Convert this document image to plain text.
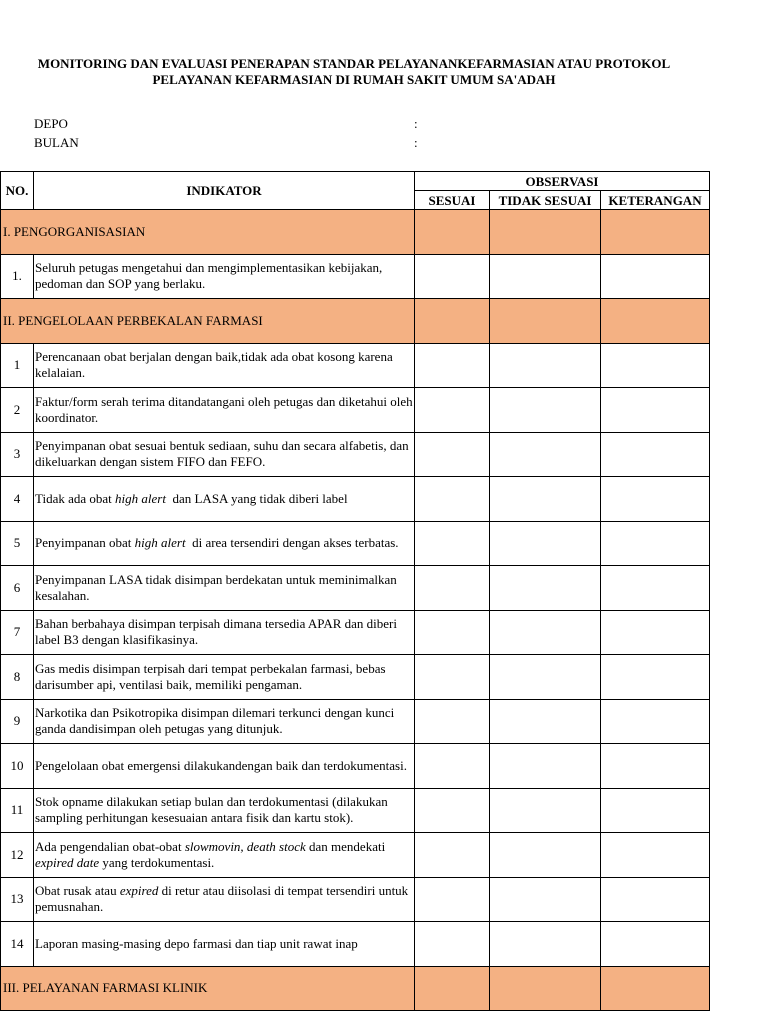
MONITORING DAN EVALUASI PENERAPAN STANDAR PELAYANANKEFARMASIAN ATAU PROTOKOL
PELAYANAN KEFARMASIAN DI RUMAH SAKIT UMUM SA'ADAH
DEPO	:
BULAN	:
NO.	INDIKATOR	OBSERVASI		
		SESUAI	TIDAK SESUAI	KETERANGAN
I. PENGORGANISASIAN				
1.	Seluruh petugas mengetahui dan mengimplementasikan kebijakan, pedoman dan SOP yang berlaku.			
II. PENGELOLAAN PERBEKALAN FARMASI				
1	Perencanaan obat berjalan dengan baik,tidak ada obat kosong karena kelalaian.			
2	Faktur/form serah terima ditandatangani oleh petugas dan diketahui oleh koordinator.			
3	Penyimpanan obat sesuai bentuk sediaan, suhu dan secara alfabetis, dan dikeluarkan dengan sistem FIFO dan FEFO.			
4	Tidak ada obat high alert  dan LASA yang tidak diberi label			
5	Penyimpanan obat high alert  di area tersendiri dengan akses terbatas.			
6	Penyimpanan LASA tidak disimpan berdekatan untuk meminimalkan kesalahan.			
7	Bahan berbahaya disimpan terpisah dimana tersedia APAR dan diberi label B3 dengan klasifikasinya.			
8	Gas medis disimpan terpisah dari tempat perbekalan farmasi, bebas darisumber api, ventilasi baik, memiliki pengaman.			
9	Narkotika dan Psikotropika disimpan dilemari terkunci dengan kunci ganda dandisimpan oleh petugas yang ditunjuk.			
10	Pengelolaan obat emergensi dilakukandengan baik dan terdokumentasi.			
11	Stok opname dilakukan setiap bulan dan terdokumentasi (dilakukan sampling perhitungan kesesuaian antara fisik dan kartu stok).			
12	Ada pengendalian obat-obat slowmovin, death stock dan mendekati expired date yang terdokumentasi.			
13	Obat rusak atau expired di retur atau diisolasi di tempat tersendiri untuk pemusnahan.			
14	Laporan masing-masing depo farmasi dan tiap unit rawat inap			
III. PELAYANAN FARMASI KLINIK				
